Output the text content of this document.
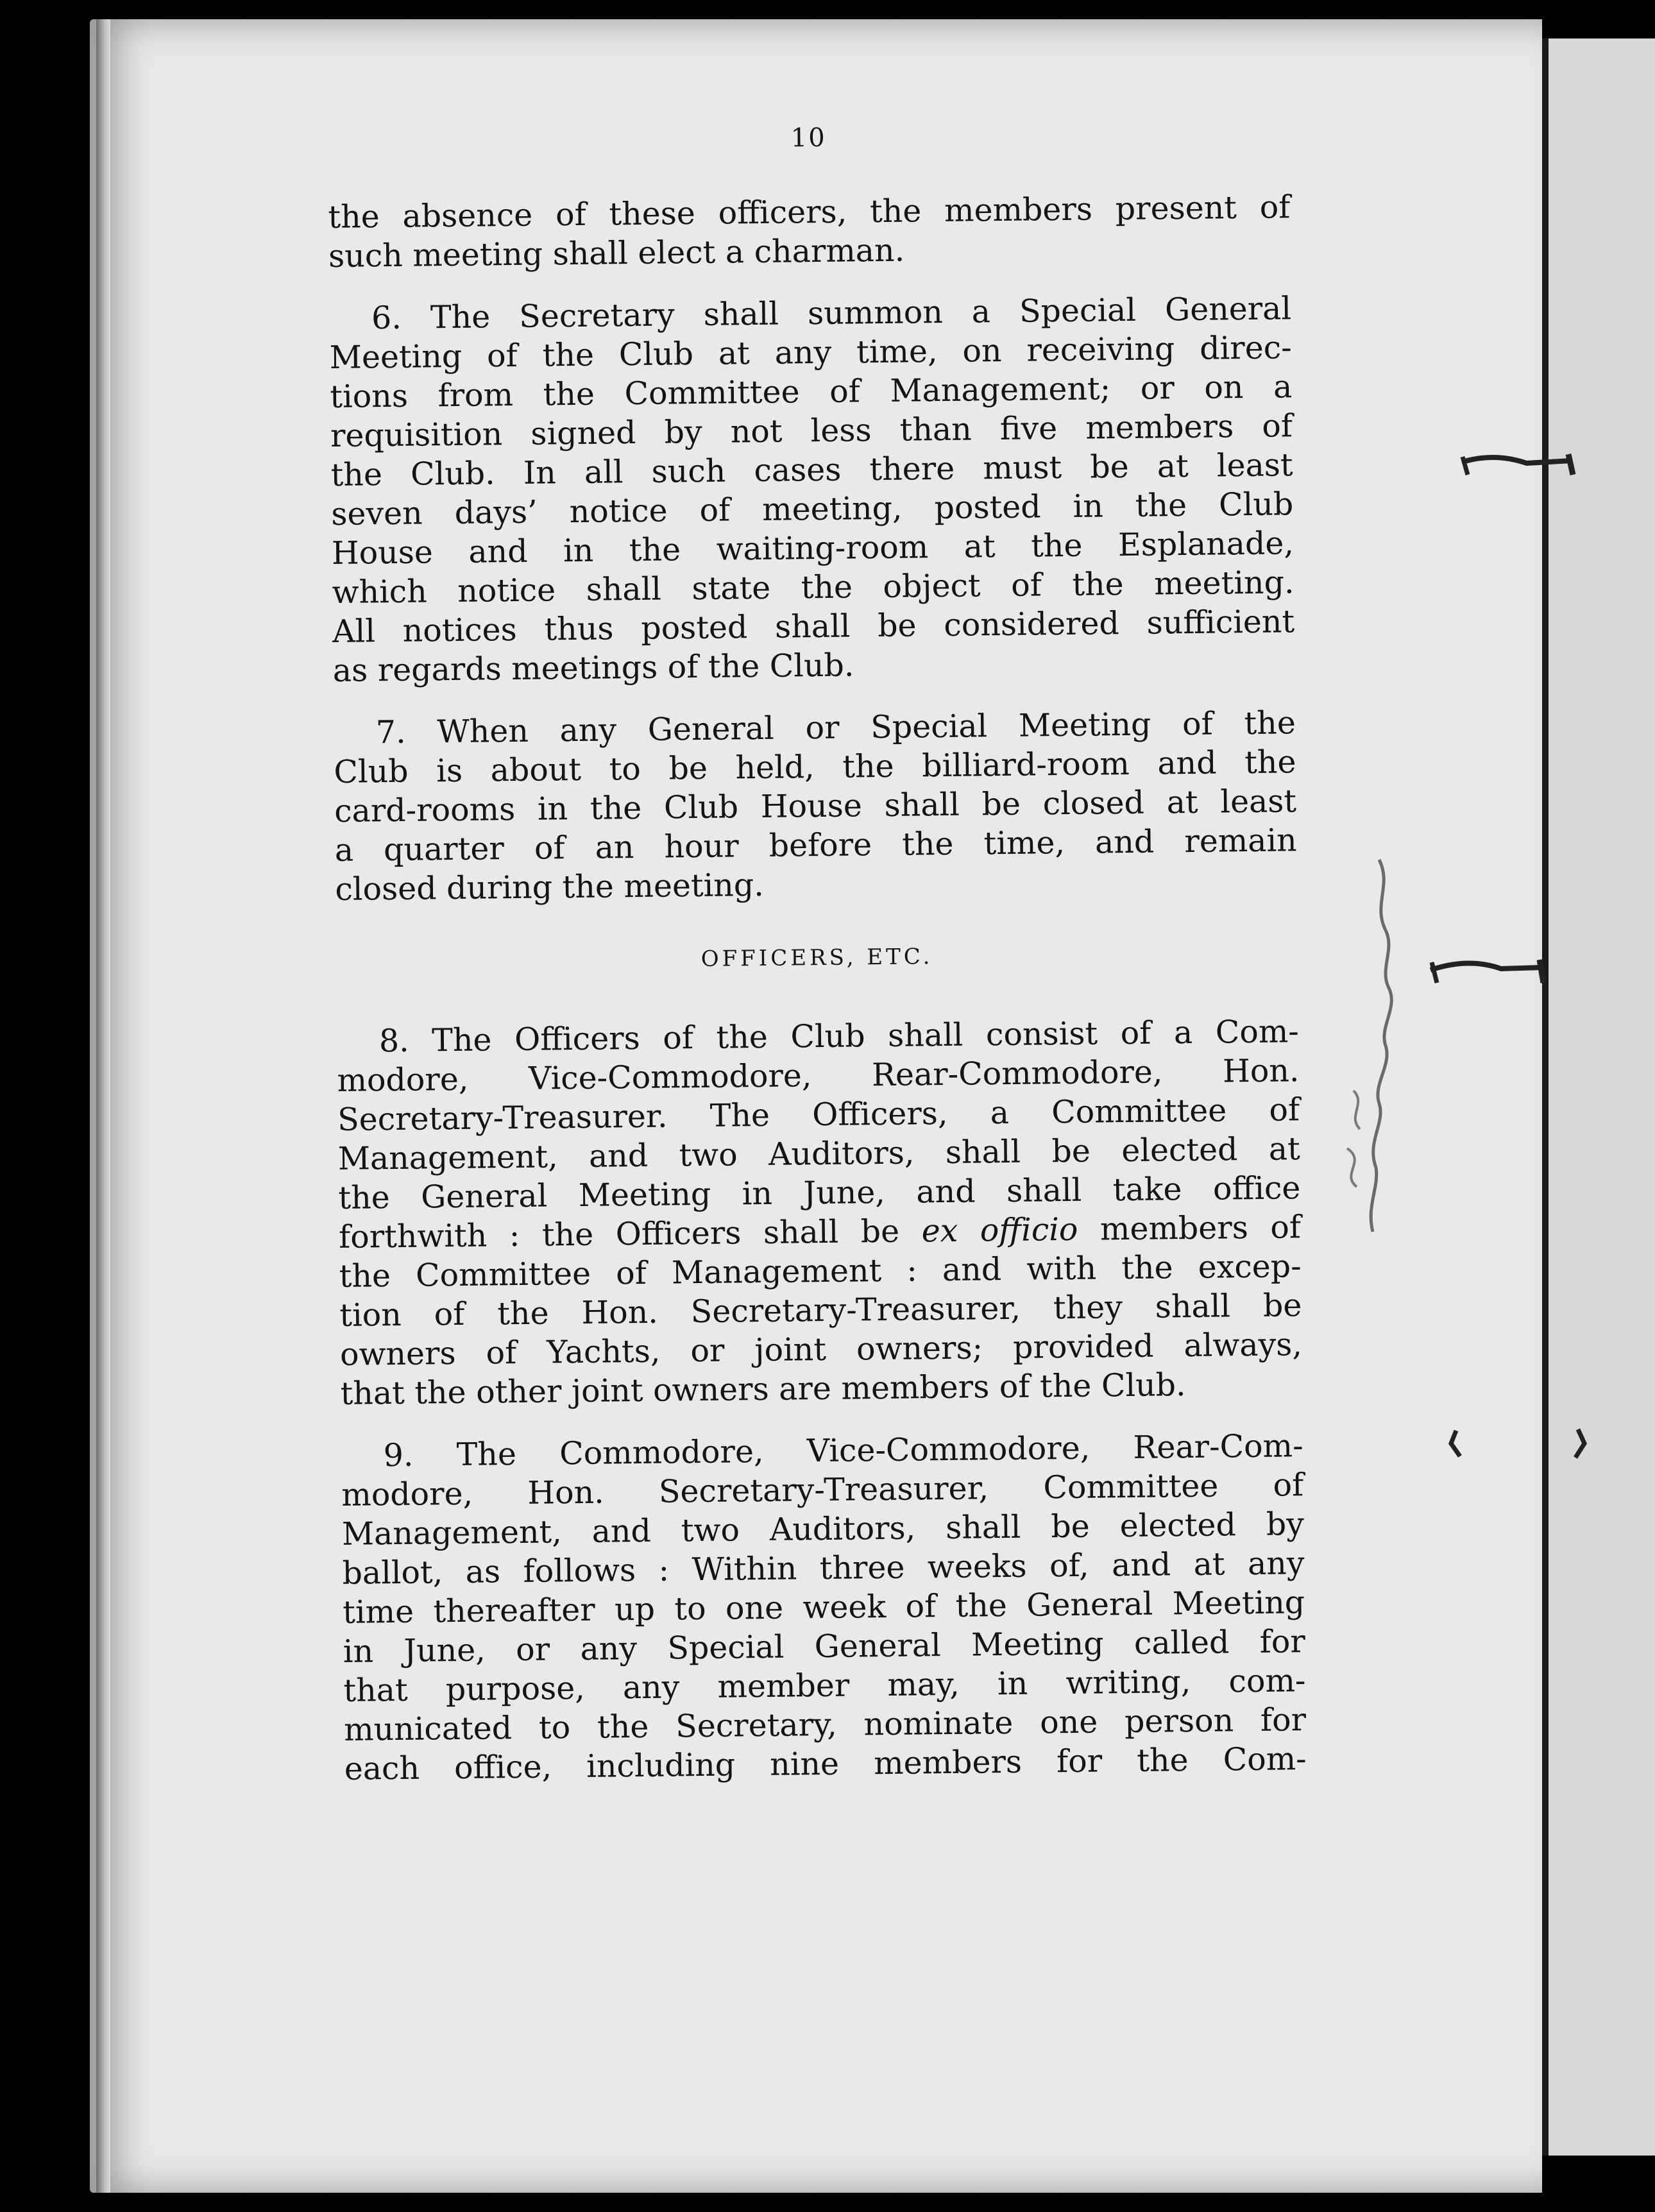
10
the absence of these officers, the members present of
such meeting shall elect a charman.
6. The Secretary shall summon a Special General
Meeting of the Club at any time, on receiving direc-
tions from the Committee of Management; or on a
requisition signed by not less than five members of
the Club. In all such cases there must be at least
seven days’ notice of meeting, posted in the Club
House and in the waiting-room at the Esplanade,
which notice shall state the object of the meeting.
All notices thus posted shall be considered sufficient
as regards meetings of the Club.
7. When any General or Special Meeting of the
Club is about to be held, the billiard-room and the
card-rooms in the Club House shall be closed at least
a quarter of an hour before the time, and remain
closed during the meeting.
OFFICERS, ETC.
8. The Officers of the Club shall consist of a Com-
modore, Vice-Commodore, Rear-Commodore, Hon.
Secretary-Treasurer. The Officers, a Committee of
Management, and two Auditors, shall be elected at
the General Meeting in June, and shall take office
forthwith : the Officers shall be ex officio members of
the Committee of Management : and with the excep-
tion of the Hon. Secretary-Treasurer, they shall be
owners of Yachts, or joint owners; provided always,
that the other joint owners are members of the Club.
9. The Commodore, Vice-Commodore, Rear-Com-
modore, Hon. Secretary-Treasurer, Committee of
Management, and two Auditors, shall be elected by
ballot, as follows : Within three weeks of, and at any
time thereafter up to one week of the General Meeting
in June, or any Special General Meeting called for
that purpose, any member may, in writing, com-
municated to the Secretary, nominate one person for
each office, including nine members for the Com-
